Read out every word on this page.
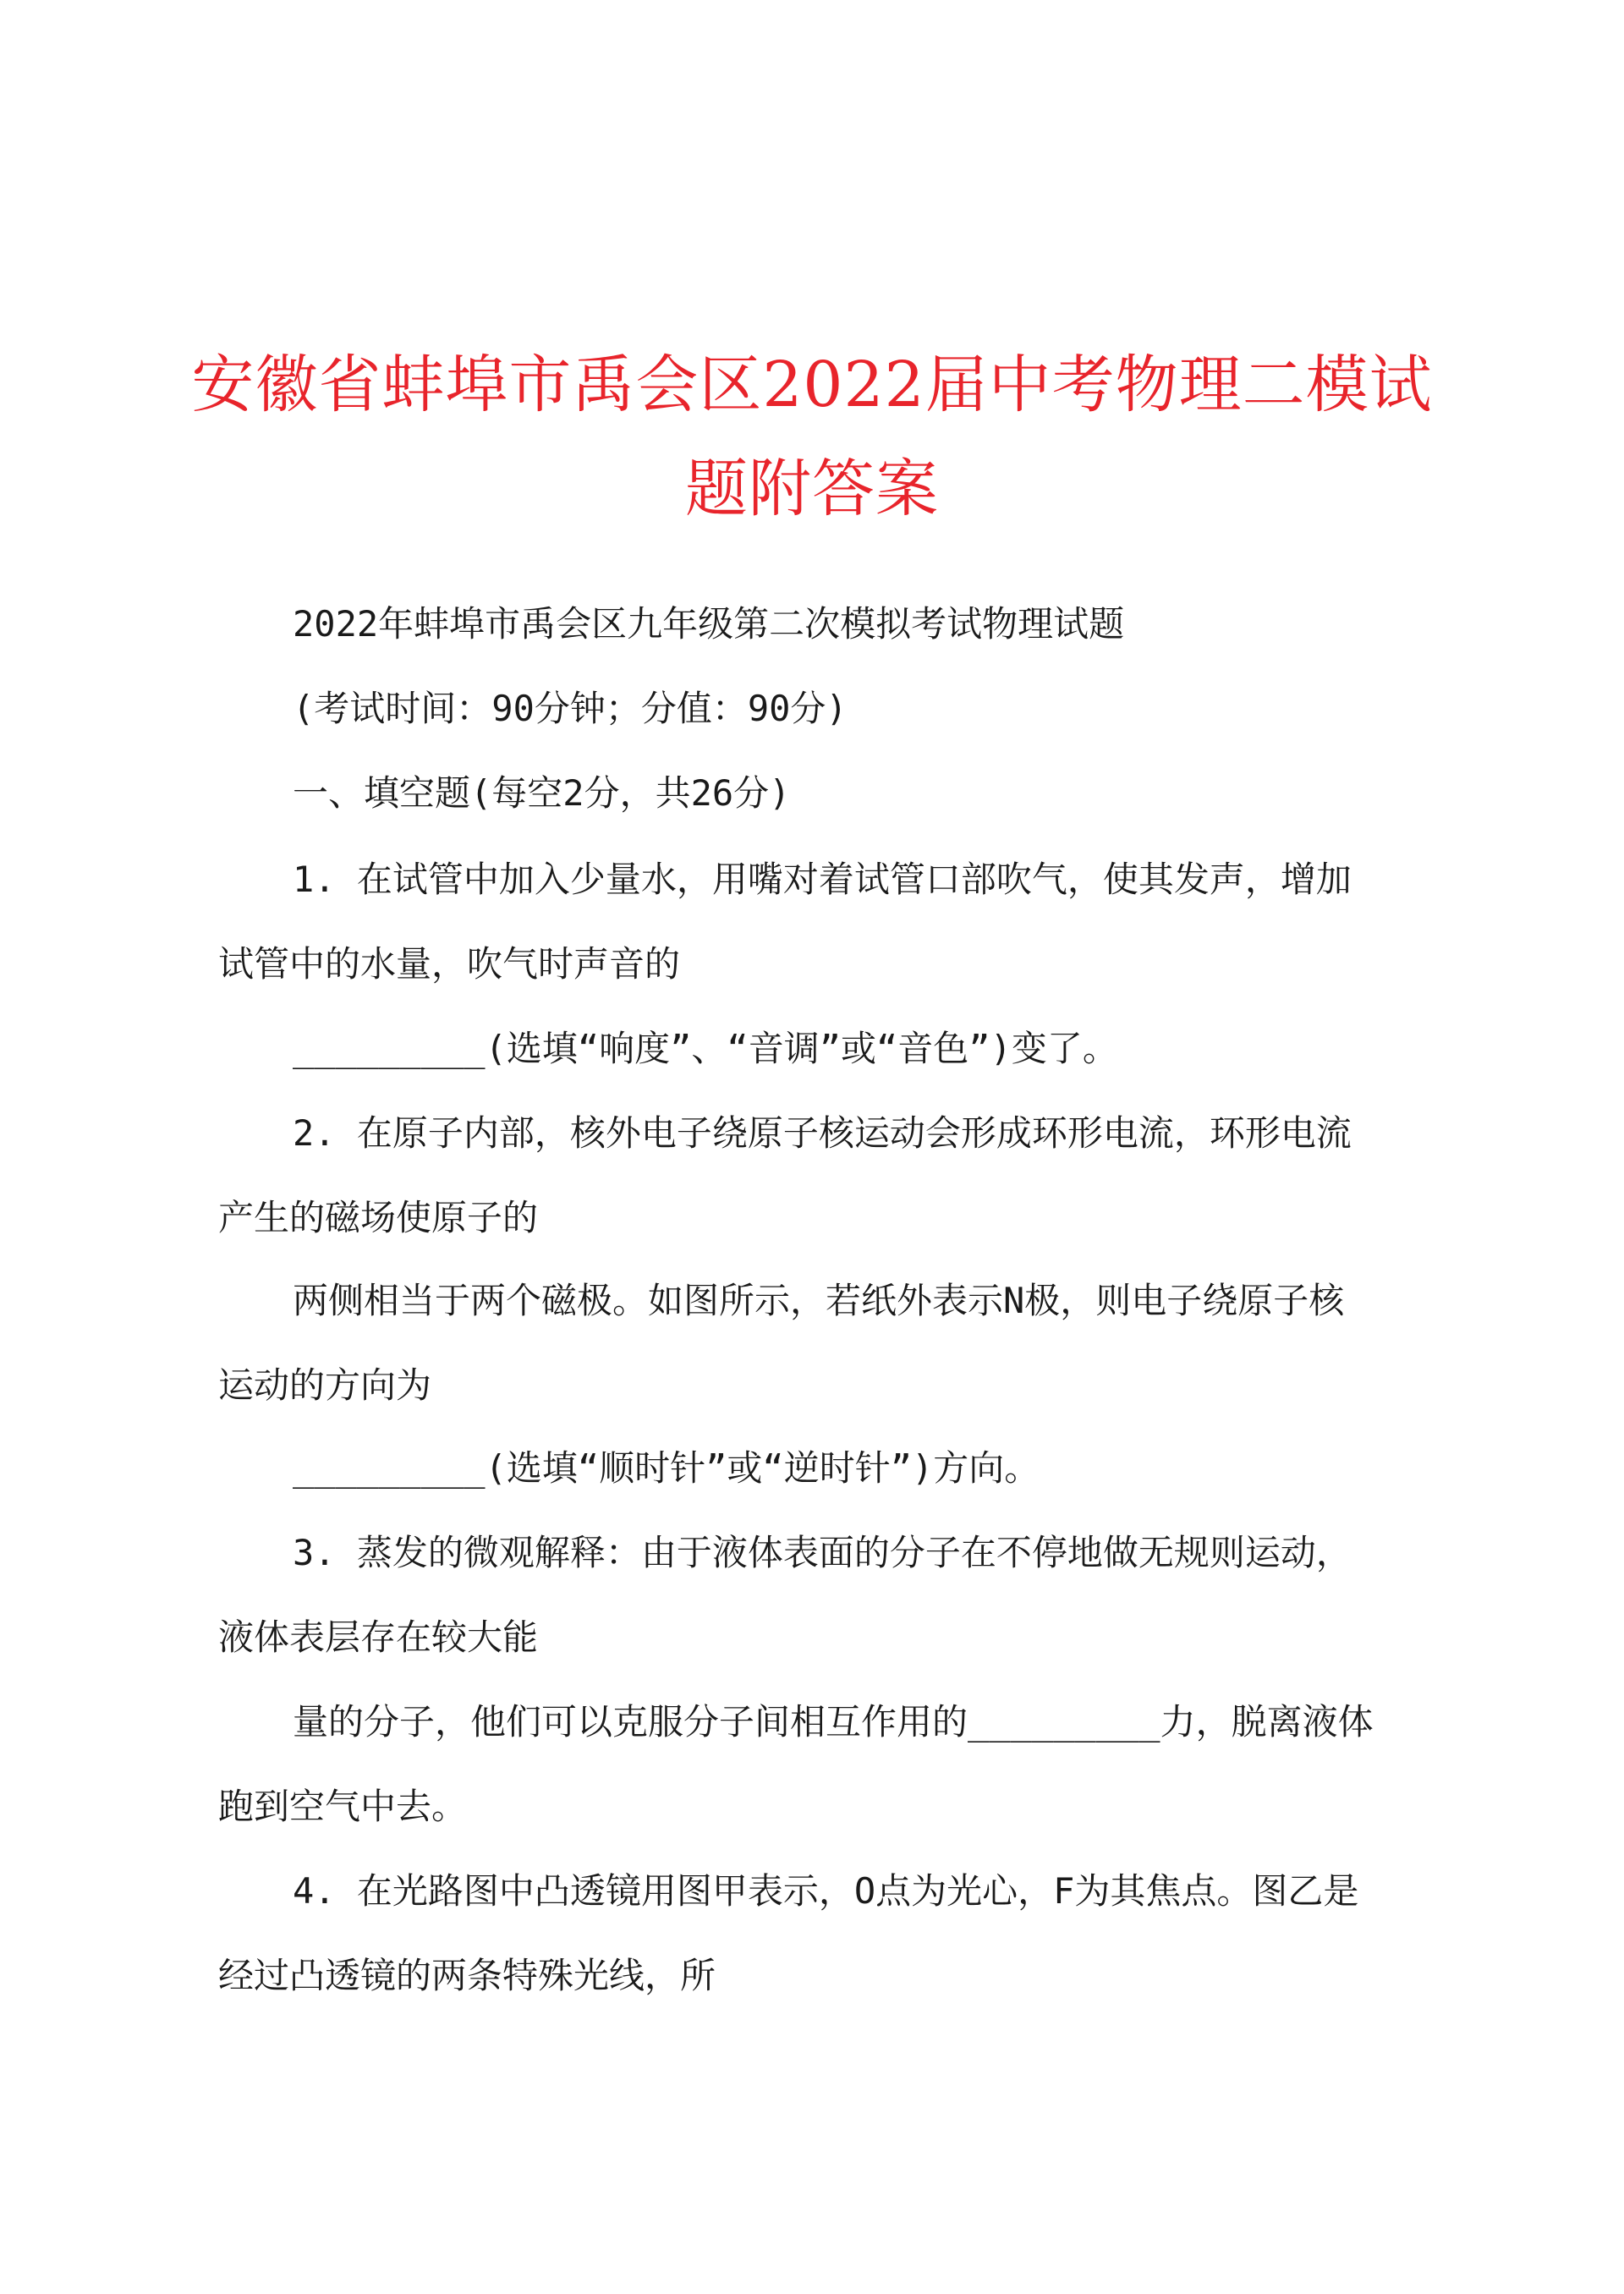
安徽省蚌埠市禹会区2022届中考物理二模试
题附答案
2022年蚌埠市禹会区九年级第二次模拟考试物理试题
(考试时间：90分钟；分值：90分)
一、填空题(每空2分，共26分)
1. 在试管中加入少量水，用嘴对着试管口部吹气，使其发声，增加
试管中的水量，吹气时声音的
_________(选填“响度”、“音调”或“音色”)变了。
2. 在原子内部，核外电子绕原子核运动会形成环形电流，环形电流
产生的磁场使原子的
两侧相当于两个磁极。如图所示，若纸外表示N极，则电子绕原子核
运动的方向为
_________(选填“顺时针”或“逆时针”)方向。
3. 蒸发的微观解释：由于液体表面的分子在不停地做无规则运动，
液体表层存在较大能
量的分子，他们可以克服分子间相互作用的_________力，脱离液体
跑到空气中去。
4. 在光路图中凸透镜用图甲表示，O点为光心，F为其焦点。图乙是
经过凸透镜的两条特殊光线，所
